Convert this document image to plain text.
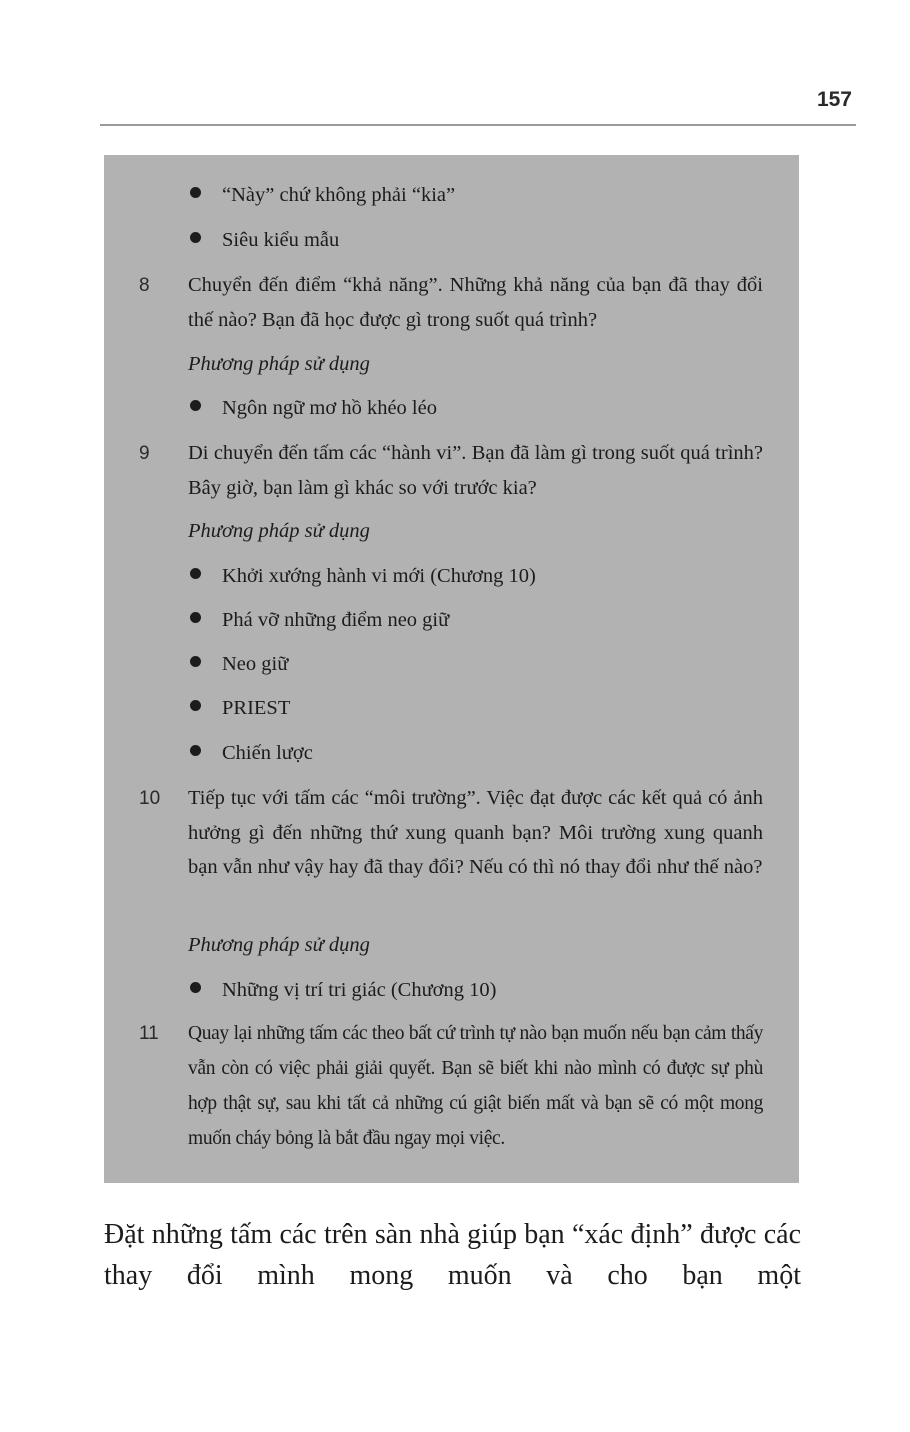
157
“Này” chứ không phải “kia”
Siêu kiểu mẫu
8 Chuyển đến điểm “khả năng”. Những khả năng của bạn đã thay đổi thế nào? Bạn đã học được gì trong suốt quá trình?
Phương pháp sử dụng
Ngôn ngữ mơ hồ khéo léo
9 Di chuyển đến tấm các “hành vi”. Bạn đã làm gì trong suốt quá trình? Bây giờ, bạn làm gì khác so với trước kia?
Phương pháp sử dụng
Khởi xướng hành vi mới (Chương 10)
Phá vỡ những điểm neo giữ
Neo giữ
PRIEST
Chiến lược
10 Tiếp tục với tấm các “môi trường”. Việc đạt được các kết quả có ảnh hưởng gì đến những thứ xung quanh bạn? Môi trường xung quanh bạn vẫn như vậy hay đã thay đổi? Nếu có thì nó thay đổi như thế nào?
Phương pháp sử dụng
Những vị trí tri giác (Chương 10)
11 Quay lại những tấm các theo bất cứ trình tự nào bạn muốn nếu bạn cảm thấy vẫn còn có việc phải giải quyết. Bạn sẽ biết khi nào mình có được sự phù hợp thật sự, sau khi tất cả những cú giật biến mất và bạn sẽ có một mong muốn cháy bỏng là bắt đầu ngay mọi việc.
Đặt những tấm các trên sàn nhà giúp bạn “xác định” được các thay đổi mình mong muốn và cho bạn một
